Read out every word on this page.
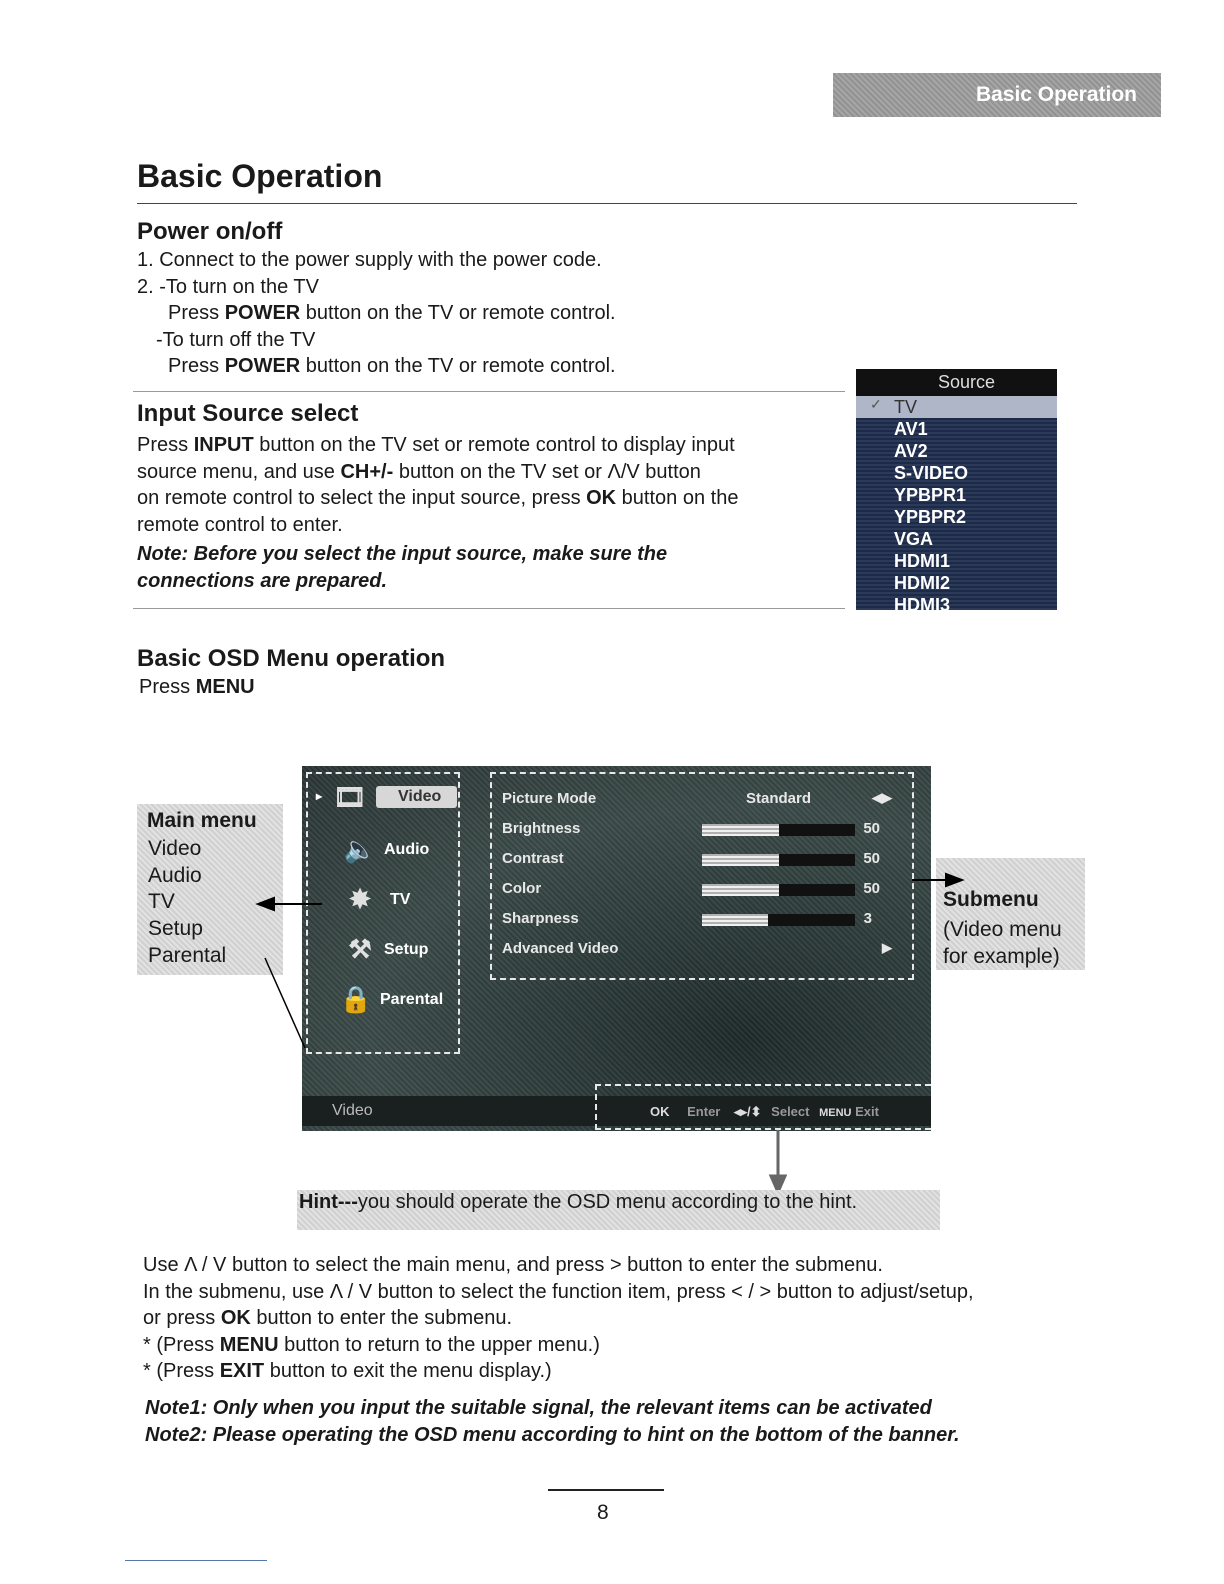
Basic Operation
Basic Operation
Power on/off
1. Connect to the power supply with the power code.
2. -To turn on the TV
Press POWER button on the TV or remote control.
-To turn off the TV
Press POWER button on the TV or remote control.
Input Source select
Press INPUT button on the TV set or remote control to display input
source menu, and use CH+/- button on the TV set or Λ/V button
on remote control to select the input source, press OK button on the
remote control to enter.
Note: Before you select the input source, make sure the
connections are prepared.
Source
✓ TV
AV1
AV2
S-VIDEO
YPBPR1
YPBPR2
VGA
HDMI1
HDMI2
HDMI3
Basic OSD Menu operation
Press MENU
▸ 🎞	Video
🔈 Audio
✸	TV
⚒ Setup
🔒 Parental
Picture Mode	Standard	◀▶
Brightness	50
Contrast	50
Color	50
Sharpness	3
Advanced Video	▶
Video	OK Enter ◂▸/⬍ Select MENU Exit
Main menu
Video
Audio
TV
Setup
Parental
Submenu
(Video menu
for example)
Hint---you should operate the OSD menu according to the hint.
Use Λ / V button to select the main menu, and press > button to enter the submenu.
In the submenu, use Λ / V button to select the function item, press < / > button to adjust/setup,
or press OK button to enter the submenu.
* (Press MENU button to return to the upper menu.)
* (Press EXIT button to exit the menu display.)
Note1: Only when you input the suitable signal, the relevant items can be activated
Note2: Please operating the OSD menu according to hint on the bottom of the banner.
8
